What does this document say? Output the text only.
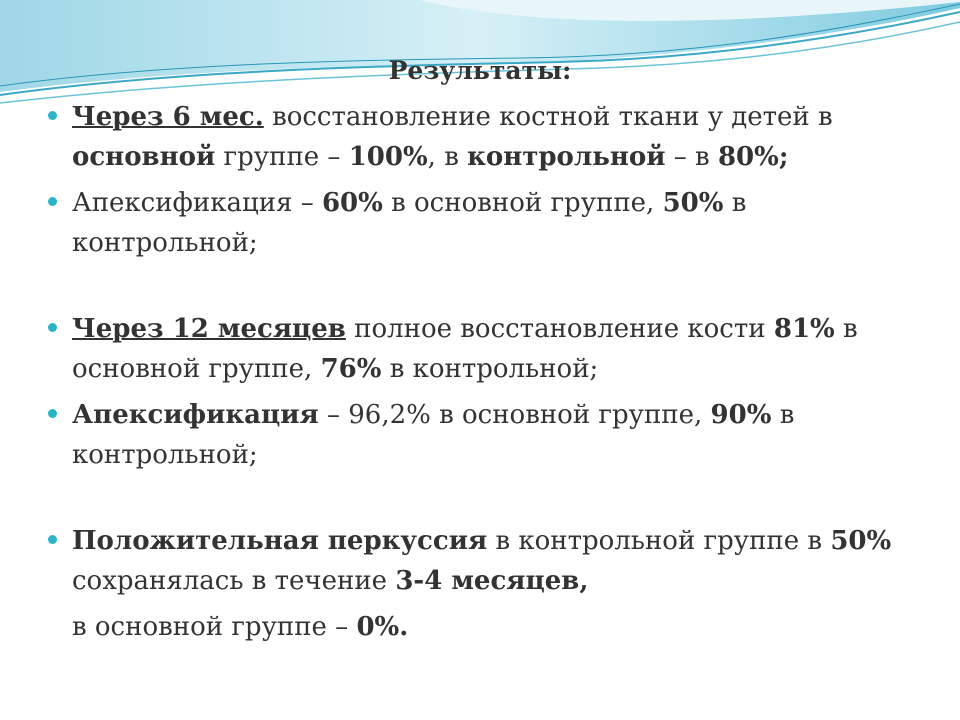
Результаты:
Через 6 мес. восстановление костной ткани у детей в основной группе – 100%, в контрольной – в 80%;
Апексификация – 60% в основной группе, 50% в контрольной;
Через 12 месяцев полное восстановление кости 81% в основной группе, 76% в контрольной;
Апексификация – 96,2% в основной группе, 90% в контрольной;
Положительная перкуссия в контрольной группе в 50% сохранялась в течение 3-4 месяцев,
в основной группе – 0%.
